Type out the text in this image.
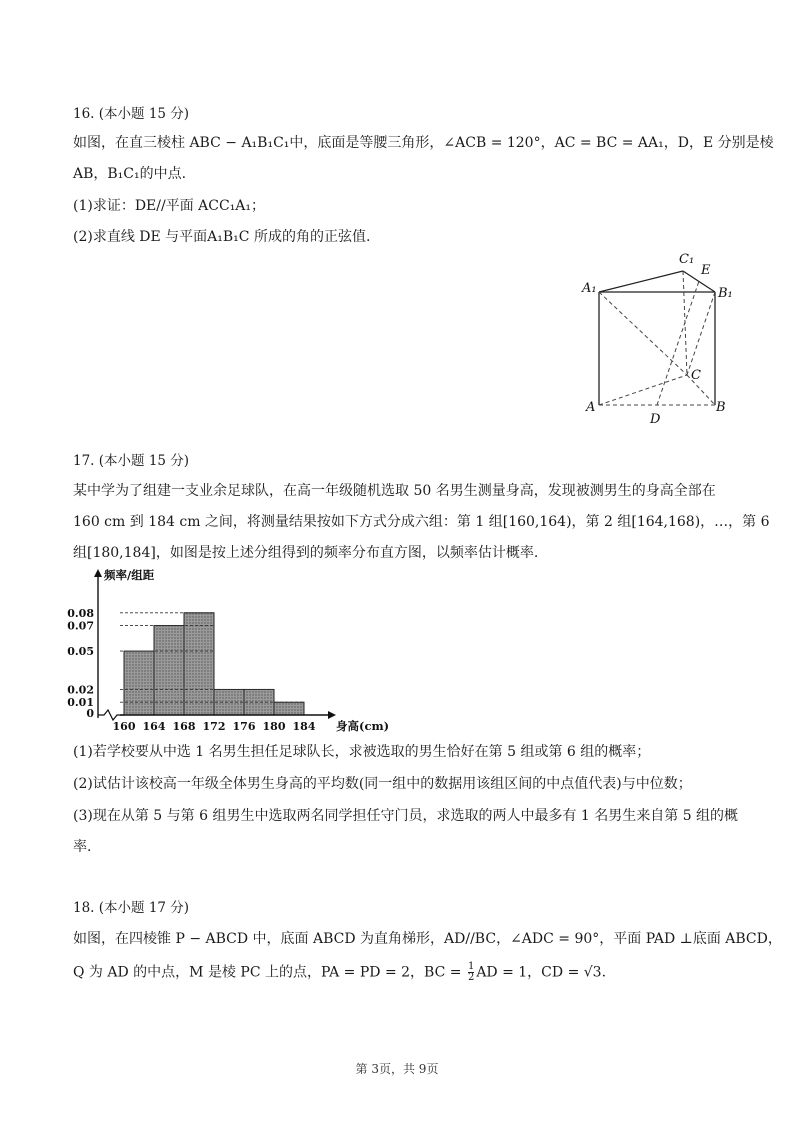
16. (本小题 15 分)
如图，在直三棱柱 ABC − A₁B₁C₁中，底面是等腰三角形，∠ACB = 120°，AC = BC = AA₁，D，E 分别是棱
AB，B₁C₁的中点.
(1)求证：DE//平面 ACC₁A₁；
(2)求直线 DE 与平面A₁B₁C 所成的角的正弦值.
A₁	B₁
C₁
E
C
A
D
B
17. (本小题 15 分)
某中学为了组建一支业余足球队，在高一年级随机选取 50 名男生测量身高，发现被测男生的身高全部在
160 cm 到 184 cm 之间，将测量结果按如下方式分成六组：第 1 组[160,164)，第 2 组[164,168)，…，第 6
组[180,184]，如图是按上述分组得到的频率分布直方图，以频率估计概率.
0.08
0.07
0.05
0.02
0.01
0
160 164 168 172 176 180 184
频率/组距
身高(cm)
(1)若学校要从中选 1 名男生担任足球队长，求被选取的男生恰好在第 5 组或第 6 组的概率；
(2)试估计该校高一年级全体男生身高的平均数(同一组中的数据用该组区间的中点值代表)与中位数；
(3)现在从第 5 与第 6 组男生中选取两名同学担任守门员，求选取的两人中最多有 1 名男生来自第 5 组的概
率.
18. (本小题 17 分)
如图，在四棱锥 P − ABCD 中，底面 ABCD 为直角梯形，AD//BC，∠ADC = 90°，平面 PAD ⊥底面 ABCD，
Q 为 AD 的中点，M 是棱 PC 上的点，PA = PD = 2，BC = $\frac{1}{2}$ AD = 1，CD = √3.
第 3页，共 9页
